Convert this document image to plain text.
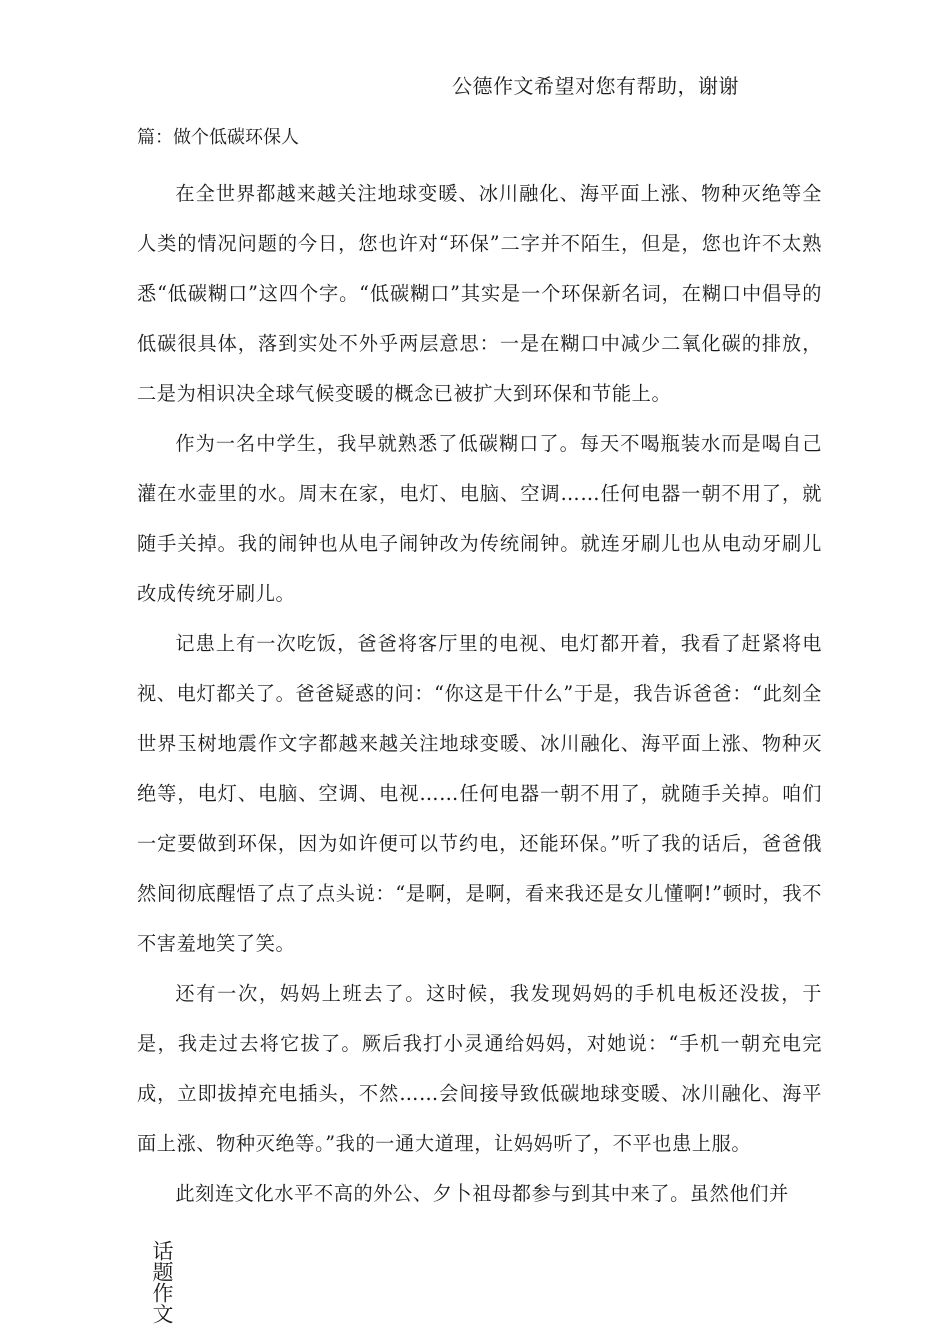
公德作文希望对您有帮助，谢谢
篇：做个低碳环保人

在全世界都越来越关注地球变暖、冰川融化、海平面上涨、物种灭绝等全人类的情况问题的今日，您也许对“环保”二字并不陌生，但是，您也许不太熟悉“低碳糊口”这四个字。“低碳糊口”其实是一个环保新名词，在糊口中倡导的低碳很具体，落到实处不外乎两层意思：一是在糊口中减少二氧化碳的排放，二是为相识决全球气候变暖的概念已被扩大到环保和节能上。

作为一名中学生，我早就熟悉了低碳糊口了。每天不喝瓶装水而是喝自己灌在水壶里的水。周末在家，电灯、电脑、空调……任何电器一朝不用了，就随手关掉。我的闹钟也从电子闹钟改为传统闹钟。就连牙刷儿也从电动牙刷儿改成传统牙刷儿。

记患上有一次吃饭，爸爸将客厅里的电视、电灯都开着，我看了赶紧将电视、电灯都关了。爸爸疑惑的问：“你这是干什么”于是，我告诉爸爸：“此刻全世界玉树地震作文字都越来越关注地球变暖、冰川融化、海平面上涨、物种灭绝等，电灯、电脑、空调、电视……任何电器一朝不用了，就随手关掉。咱们一定要做到环保，因为如许便可以节约电，还能环保。”听了我的话后，爸爸俄然间彻底醒悟了点了点头说：“是啊，是啊，看来我还是女儿懂啊!”顿时，我不不害羞地笑了笑。

还有一次，妈妈上班去了。这时候，我发现妈妈的手机电板还没拔，于是，我走过去将它拔了。厥后我打小灵通给妈妈，对她说：“手机一朝充电完成，立即拔掉充电插头，不然……会间接导致低碳地球变暖、冰川融化、海平面上涨、物种灭绝等。”我的一通大道理，让妈妈听了，不平也患上服。

此刻连文化水平不高的外公、夕卜祖母都参与到其中来了。虽然他们并

话题作文
